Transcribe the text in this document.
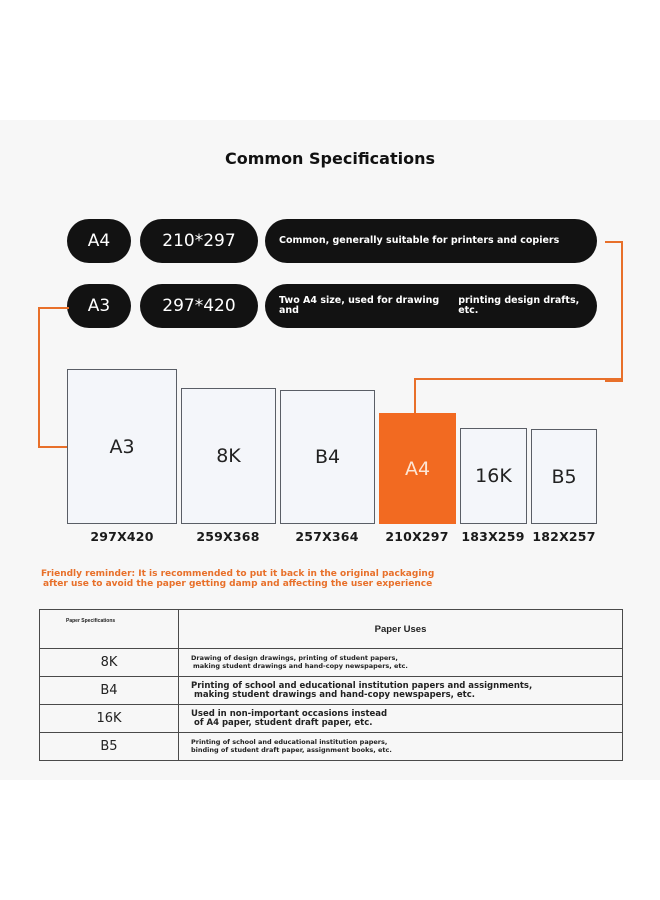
Common Specifications
A4	210*297	Common, generally suitable for printers and copiers
A3	297*420	Two A4 size, used for drawing and
printing design drafts, etc.
A3	8K	B4
A4	16K	B5
297X420	259X368	257X364	210X297	183X259 182X257
Friendly reminder: It is recommended to put it back in the original packaging
after use to avoid the paper getting damp and affecting the user experience
Paper Specifications	Paper Uses
8K	Drawing of design drawings, printing of student papers,
making student drawings and hand-copy newspapers, etc.

B4	Printing of school and educational institution papers and assignments,
making student drawings and hand-copy newspapers, etc.

16K	Used in non-important occasions instead
of A4 paper, student draft paper, etc.

B5	Printing of school and educational institution papers,
binding of student draft paper, assignment books, etc.
